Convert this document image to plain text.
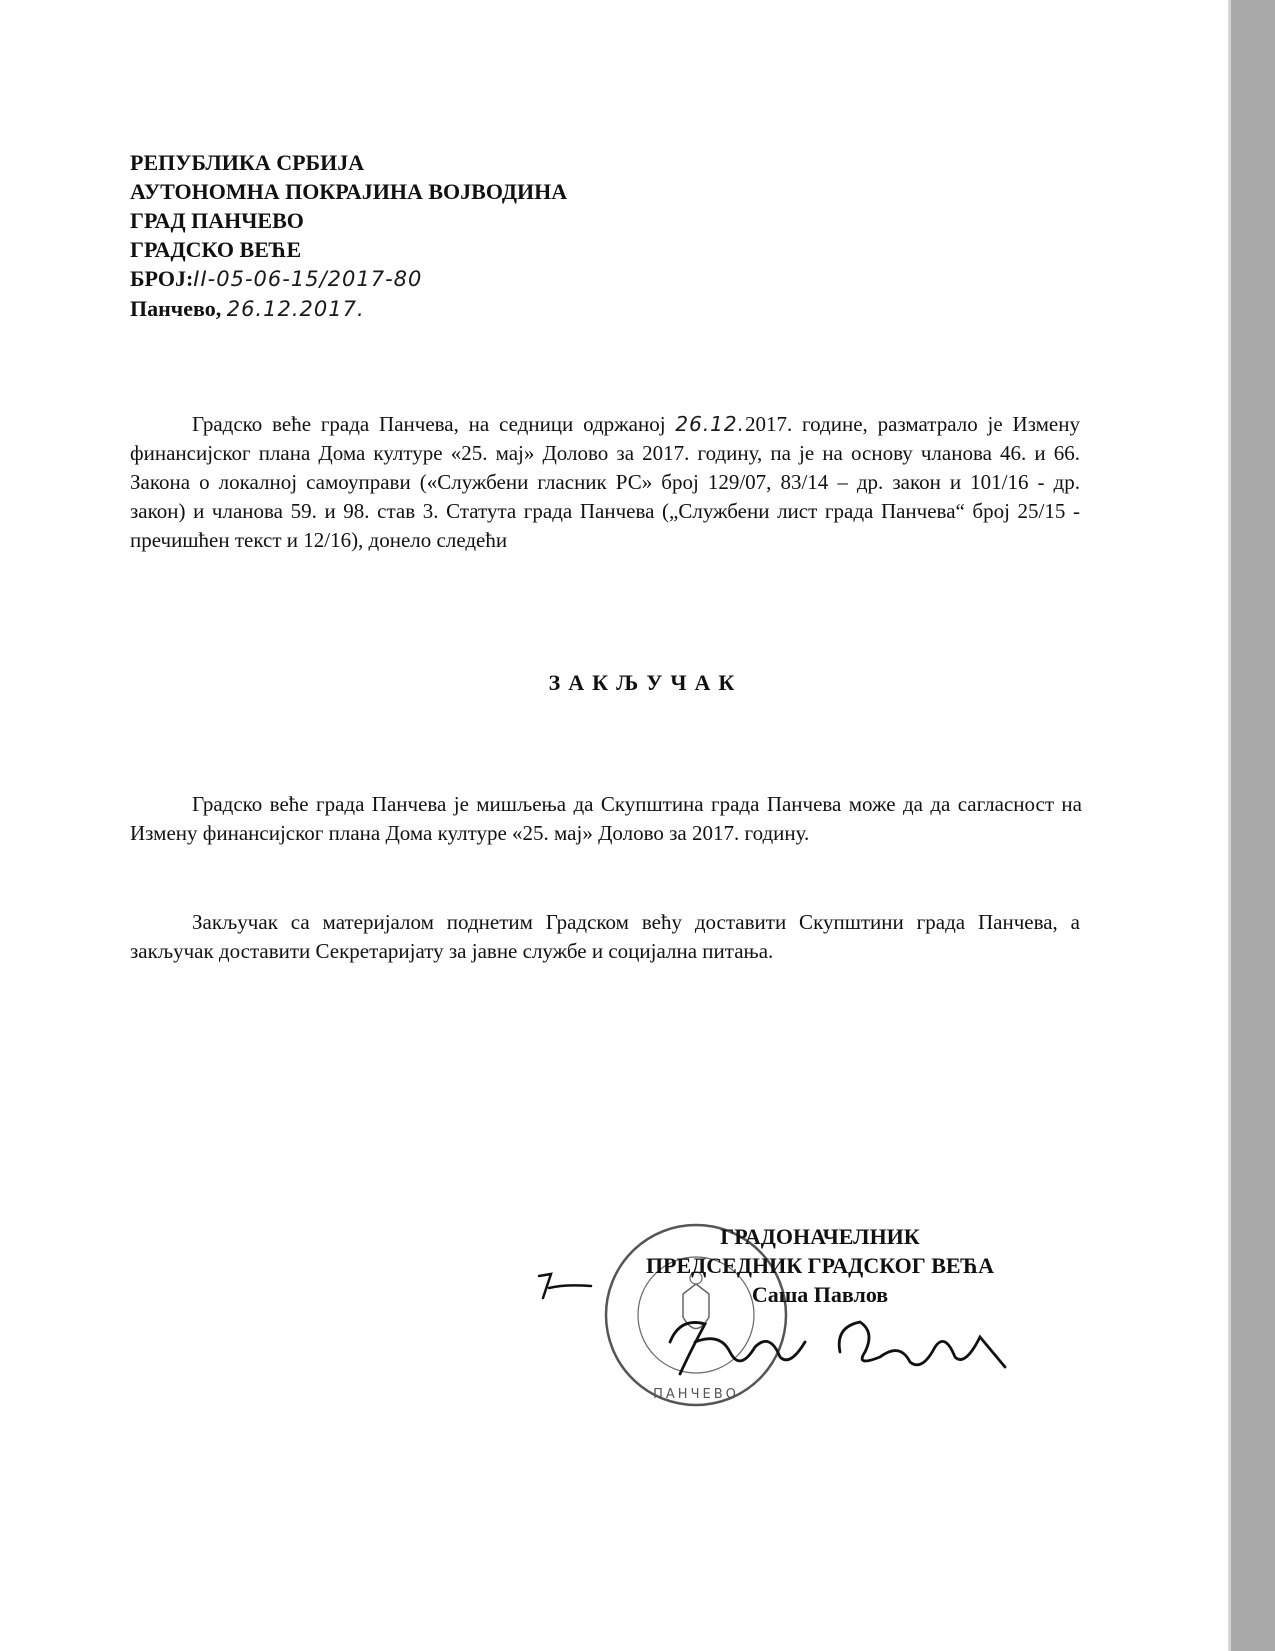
РЕПУБЛИКА СРБИЈА
АУТОНОМНА ПОКРАЈИНА ВОЈВОДИНА
ГРАД ПАНЧЕВО
ГРАДСКО ВЕЋЕ
БРОЈ:II-05-06-15/2017-80
Панчево, 26.12.2017.
Градско веће града Панчева, на седници одржаној 26.12.2017. године, разматрало је Измену финансијског плана Дома културе «25. мај» Долово за 2017. годину, па је на основу чланова 46. и 66. Закона о локалној самоуправи («Службени гласник РС» број 129/07, 83/14 – др. закон и 101/16 - др. закон) и чланова 59. и 98. став 3. Статута града Панчева („Службени лист града Панчева“ број 25/15 - пречишћен текст и 12/16), донело следећи
ЗАКЉУЧАК
Градско веће града Панчева је мишљења да Скупштина града Панчева може да да сагласност на Измену финансијског плана Дома културе «25. мај» Долово за 2017. годину.
Закључак са материјалом поднетим Градском већу доставити Скупштини града Панчева, а закључак доставити Секретаријату за јавне службе и социјална питања.
ПАНЧЕВО
ГРАДОНАЧЕЛНИК
ПРЕДСЕДНИК ГРАДСКОГ ВЕЋА
Саша Павлов
